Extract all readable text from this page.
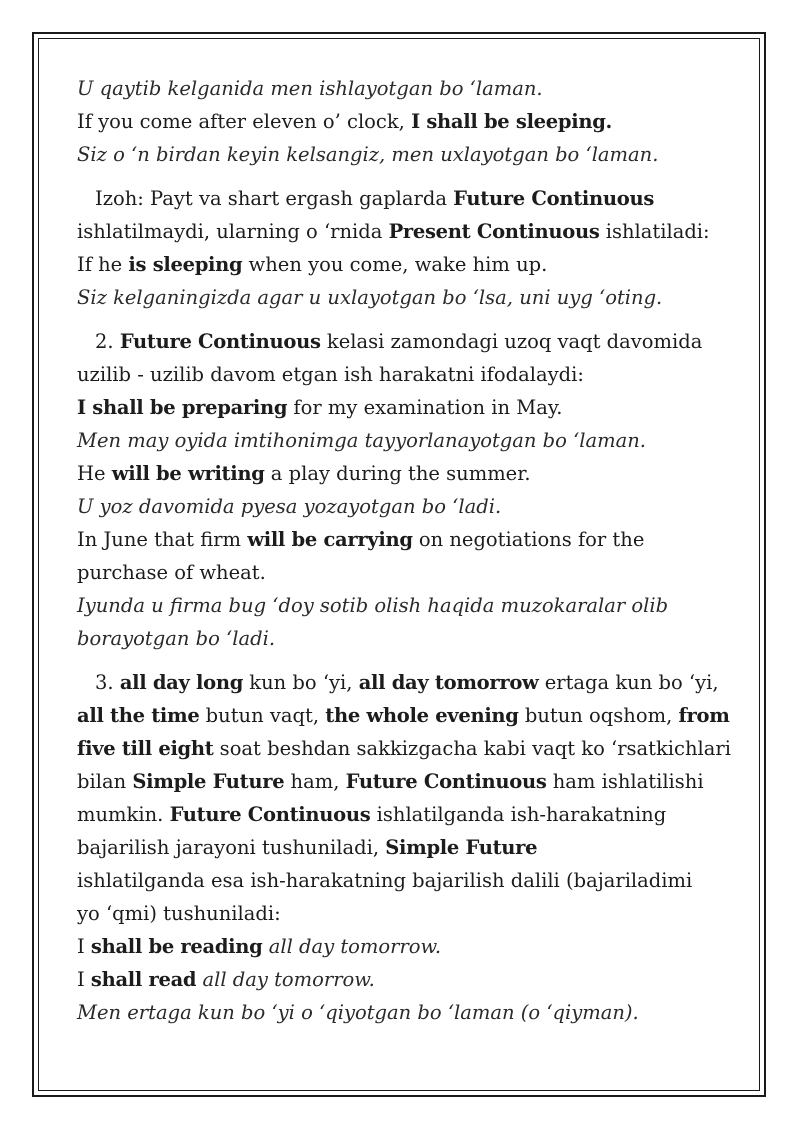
U qaytib kelganida men ishlayotgan bo ʻlaman.
If you come after eleven o’ clock, I shall be sleeping.
Siz o ʻn birdan keyin kelsangiz, men uxlayotgan bo ʻlaman.
Izoh: Payt va shart ergash gaplarda Future Continuous
ishlatilmaydi, ularning o ʻrnida Present Continuous ishlatiladi:
If he is sleeping when you come, wake him up.
Siz kelganingizda agar u uxlayotgan bo ʻlsa, uni uyg ʻoting.
2. Future Continuous kelasi zamondagi uzoq vaqt davomida
uzilib - uzilib davom etgan ish harakatni ifodalaydi:
I shall be preparing for my examination in May.
Men may oyida imtihonimga tayyorlanayotgan bo ʻlaman.
He will be writing a play during the summer.
U yoz davomida pyesa yozayotgan bo ʻladi.
In June that firm will be carrying on negotiations for the
purchase of wheat.
Iyunda u firma bug ʻdoy sotib olish haqida muzokaralar olib
borayotgan bo ʻladi.
3. all day long kun bo ʻyi, all day tomorrow ertaga kun bo ʻyi,
all the time butun vaqt, the whole evening butun oqshom, from
five till eight soat beshdan sakkizgacha kabi vaqt ko ʻrsatkichlari
bilan Simple Future ham, Future Continuous ham ishlatilishi
mumkin. Future Continuous ishlatilganda ish-harakatning
bajarilish jarayoni tushuniladi, Simple Future
ishlatilganda esa ish-harakatning bajarilish dalili (bajariladimi
yo ʻqmi) tushuniladi:
I shall be reading all day tomorrow.
I shall read all day tomorrow.
Men ertaga kun bo ʻyi o ʻqiyotgan bo ʻlaman (o ʻqiyman).
